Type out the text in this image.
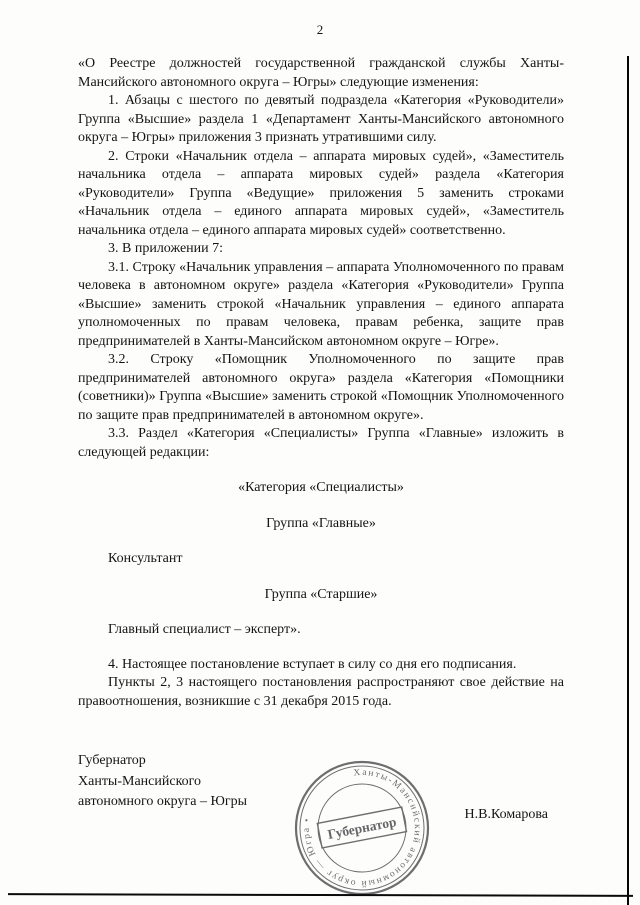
2

«О Реестре должностей государственной гражданской службы Ханты-Мансийского автономного округа – Югры» следующие изменения:

1. Абзацы с шестого по девятый подраздела «Категория «Руководители» Группа «Высшие» раздела 1 «Департамент Ханты-Мансийского автономного округа – Югры» приложения 3 признать утратившими силу.

2. Строки «Начальник отдела – аппарата мировых судей», «Заместитель начальника отдела – аппарата мировых судей» раздела «Категория «Руководители» Группа «Ведущие» приложения 5 заменить строками «Начальник отдела – единого аппарата мировых судей», «Заместитель начальника отдела – единого аппарата мировых судей» соответственно.

3. В приложении 7:

3.1. Строку «Начальник управления – аппарата Уполномоченного по правам человека в автономном округе» раздела «Категория «Руководители» Группа «Высшие» заменить строкой «Начальник управления – единого аппарата уполномоченных по правам человека, правам ребенка, защите прав предпринимателей в Ханты-Мансийском автономном округе – Югре».

3.2. Строку «Помощник Уполномоченного по защите прав предпринимателей автономного округа» раздела «Категория «Помощники (советники)» Группа «Высшие» заменить строкой «Помощник Уполномоченного по защите прав предпринимателей в автономном округе».

3.3. Раздел «Категория «Специалисты» Группа «Главные» изложить в следующей редакции:

«Категория «Специалисты»

Группа «Главные»

Консультант

Группа «Старшие»

Главный специалист – эксперт».

4. Настоящее постановление вступает в силу со дня его подписания.

Пункты 2, 3 настоящего постановления распространяют свое действие на правоотношения, возникшие с 31 декабря 2015 года.

Губернатор
Ханты-Мансийского
автономного округа – Югры
Н.В.Комарова
Ханты-Мансийский автономный округ — Югра • Губернатор
